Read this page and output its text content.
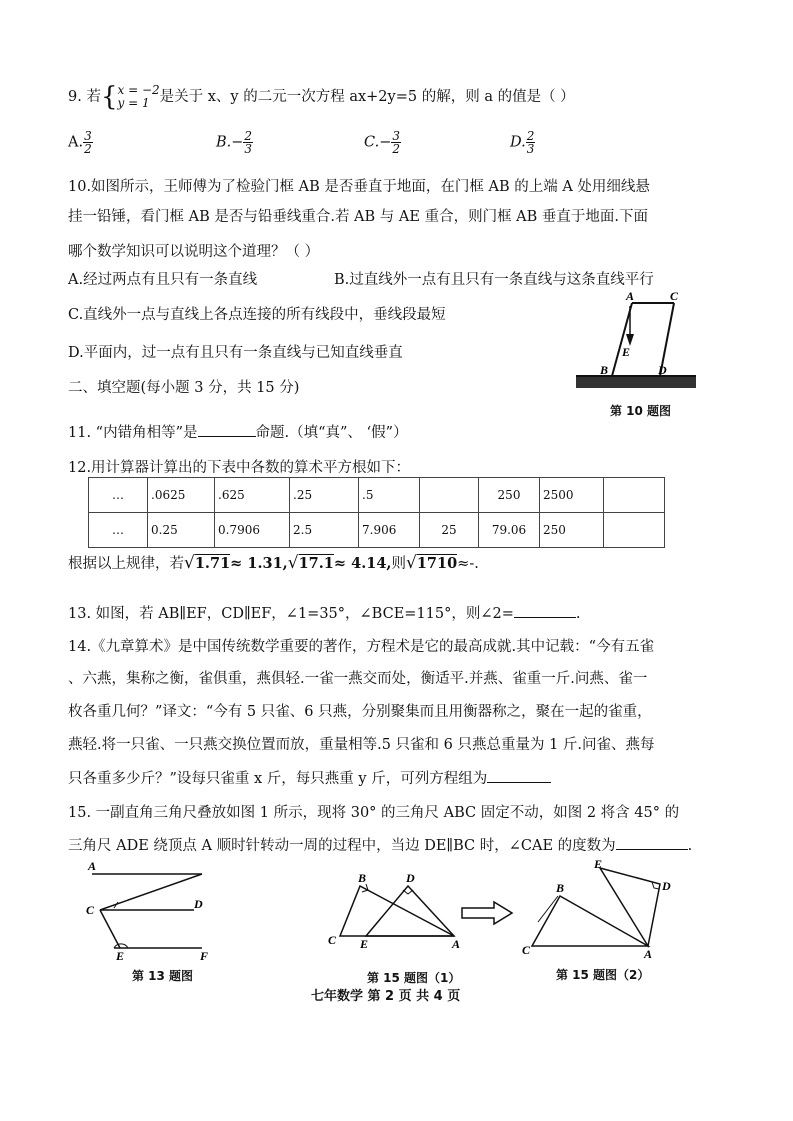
9. 若{ x = −2
y = 1 是关于 x、y 的二元一次方程 ax+2y=5 的解，则 a 的值是（ ）
A. $\frac{3}{2}$	$B.- \frac{2}{3}$	$C.- \frac{3}{2}$	D. $\frac{2}{3}$
10.如图所示，王师傅为了检验门框 AB 是否垂直于地面，在门框 AB 的上端 A 处用细线悬
挂一铅锤，看门框 AB 是否与铅垂线重合.若 AB 与 AE 重合，则门框 AB 垂直于地面.下面
哪个数学知识可以说明这个道理？（ ）
A.经过两点有且只有一条直线	B.过直线外一点有且只有一条直线与这条直线平行
C.直线外一点与直线上各点连接的所有线段中，垂线段最短
D.平面内，过一点有且只有一条直线与已知直线垂直
A	C
E
B	D
第 10 题图
二、填空题(每小题 3 分，共 15 分)
11. “内错角相等”是	命题.（填“真”、 ‘假”）
12.用计算器计算出的下表中各数的算术平方根如下：
…	.0625	.625	.25	.5		250	2500	
…	0.25	0.7906	2.5	7.906	25	79.06	250	
根据以上规律，若√1.71≈ 1.31,√17.1≈ 4.14,则√1710≈-.
13. 如图，若 AB∥EF，CD∥EF，∠1=35°，∠BCE=115°，则∠2=	.
14.《九章算术》是中国传统数学重要的著作，方程术是它的最高成就.其中记载：“今有五雀
、六燕，集称之衡，雀俱重，燕俱轻.一雀一燕交而处，衡适平.并燕、雀重一斤.问燕、雀一
枚各重几何？”译文：“今有 5 只雀、6 只燕，分别聚集而且用衡器称之，聚在一起的雀重，
燕轻.将一只雀、一只燕交换位置而放，重量相等.5 只雀和 6 只燕总重量为 1 斤.问雀、燕每
只各重多少斤？”设每只雀重 x 斤，每只燕重 y 斤，可列方程组为
15. 一副直角三角尺叠放如图 1 所示，现将 30° 的三角尺 ABC 固定不动，如图 2 将含 45° 的
三角尺 ADE 绕顶点 A 顺时针转动一周的过程中，当边 DE∥BC 时，∠CAE 的度数为	.
A
C	D
E	F
第 13 题图
B	D
C E	A
第 15 题图（1）
E
B	D
C	A
第 15 题图（2）
七年数学 第 2 页 共 4 页
